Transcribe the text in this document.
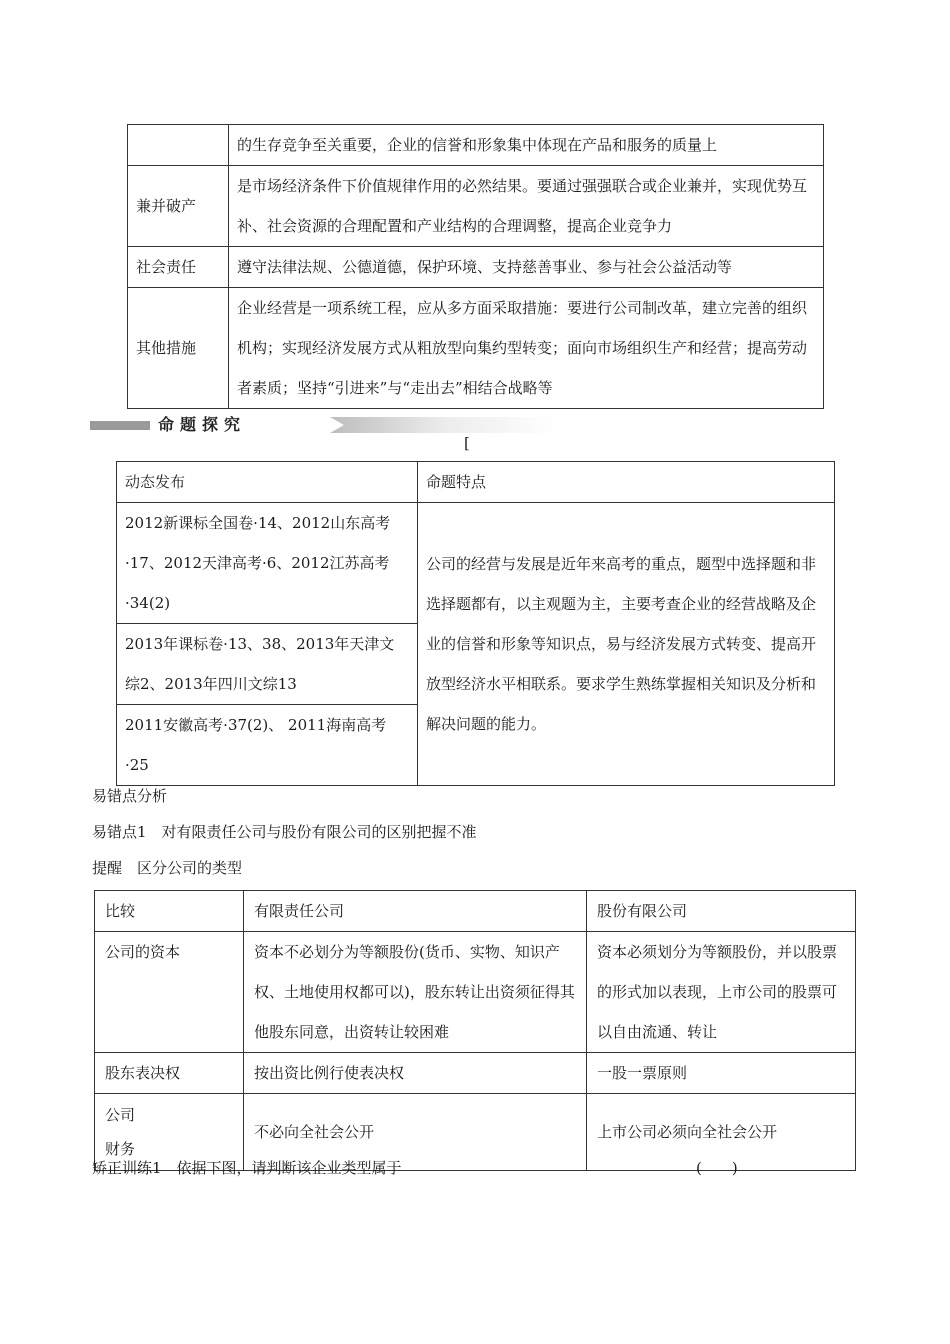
	的生存竞争至关重要，企业的信誉和形象集中体现在产品和服务的质量上
兼并破产	是市场经济条件下价值规律作用的必然结果。要通过强强联合或企业兼并，实现优势互补、社会资源的合理配置和产业结构的合理调整，提高企业竞争力
社会责任	遵守法律法规、公德道德，保护环境、支持慈善事业、参与社会公益活动等
其他措施	企业经营是一项系统工程，应从多方面采取措施：要进行公司制改革，建立完善的组织机构；实现经济发展方式从粗放型向集约型转变；面向市场组织生产和经营；提高劳动者素质；坚持“引进来”与“走出去”相结合战略等
命题探究
[
动态发布	命题特点
2012新课标全国卷·14、2012山东高考·17、2012天津高考·6、2012江苏高考·34(2)	公司的经营与发展是近年来高考的重点，题型中选择题和非选择题都有，以主观题为主，主要考查企业的经营战略及企业的信誉和形象等知识点，易与经济发展方式转变、提高开放型经济水平相联系。要求学生熟练掌握相关知识及分析和解决问题的能力。
2013年课标卷·13、38、2013年天津文综2、2013年四川文综13	
2011安徽高考·37(2)、 2011海南高考·25	
易错点分析
易错点1　对有限责任公司与股份有限公司的区别把握不准
提醒　区分公司的类型
比较	有限责任公司	股份有限公司
公司的资本	资本不必划分为等额股份(货币、实物、知识产权、土地使用权都可以)，股东转让出资须征得其他股东同意，出资转让较困难	资本必须划分为等额股份，并以股票的形式加以表现，上市公司的股票可以自由流通、转让
股东表决权	按出资比例行使表决权	一股一票原则
公司
财务	不必向全社会公开	上市公司必须向全社会公开
矫正训练1　依据下图，请判断该企业类型属于	(　　)
